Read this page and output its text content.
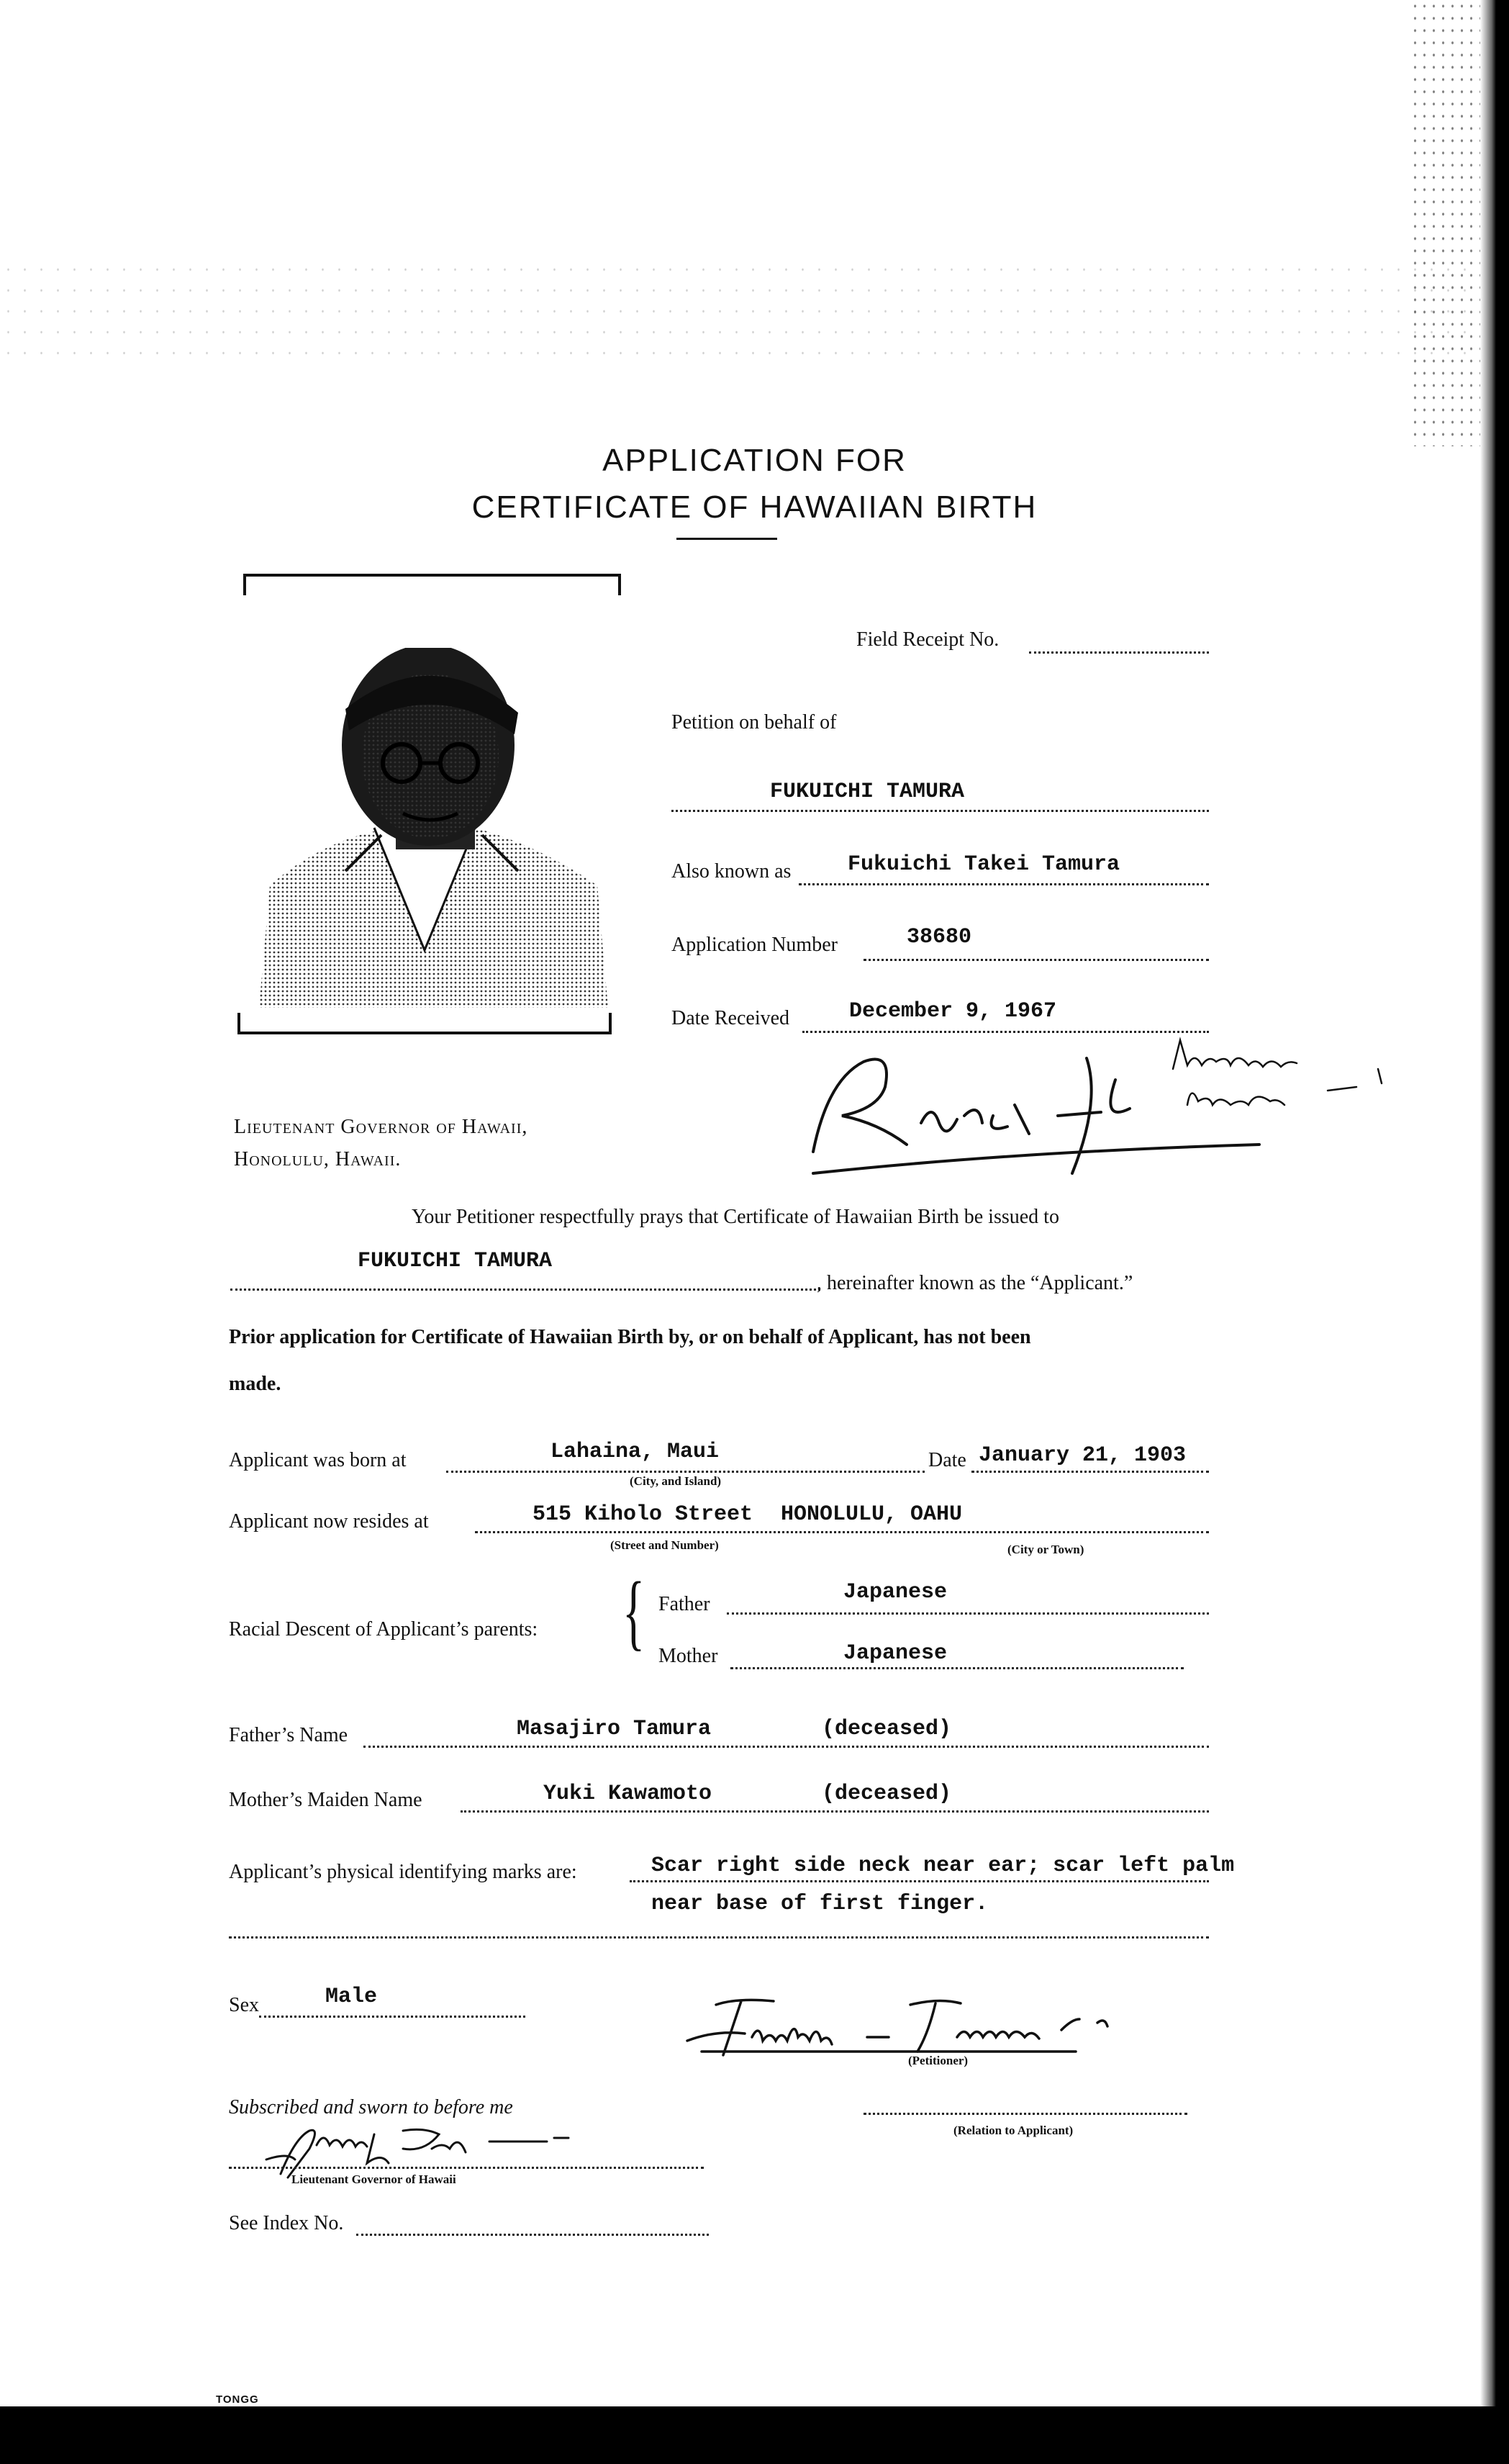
APPLICATION FOR
CERTIFICATE OF HAWAIIAN BIRTH
Field Receipt No.
Petition on behalf of
FUKUICHI TAMURA
Also known as	Fukuichi Takei Tamura
Application Number	38680
Date Received	December 9, 1967
Lieutenant Governor of Hawaii,
Honolulu, Hawaii.
Your Petitioner respectfully prays that Certificate of Hawaiian Birth be issued to
FUKUICHI TAMURA
, hereinafter known as the “Applicant.”
Prior application for Certificate of Hawaiian Birth by, or on behalf of Applicant, has not been
made.
Applicant was born at	Lahaina, Maui
(City, and Island)
Date January 21, 1903
Applicant now resides at	515 Kiholo Street HONOLULU, OAHU
(Street and Number)	(City or Town)
Racial Descent of Applicant’s parents: { Father	Japanese
Mother	Japanese
Father’s Name	Masajiro Tamura	(deceased)
Mother’s Maiden Name	Yuki Kawamoto	(deceased)
Applicant’s physical identifying marks are:	Scar right side neck near ear; scar left palm
near base of first finger.
Sex	Male
(Petitioner)
(Relation to Applicant)
Subscribed and sworn to before me
Lieutenant Governor of Hawaii
See Index No.
TONGG
